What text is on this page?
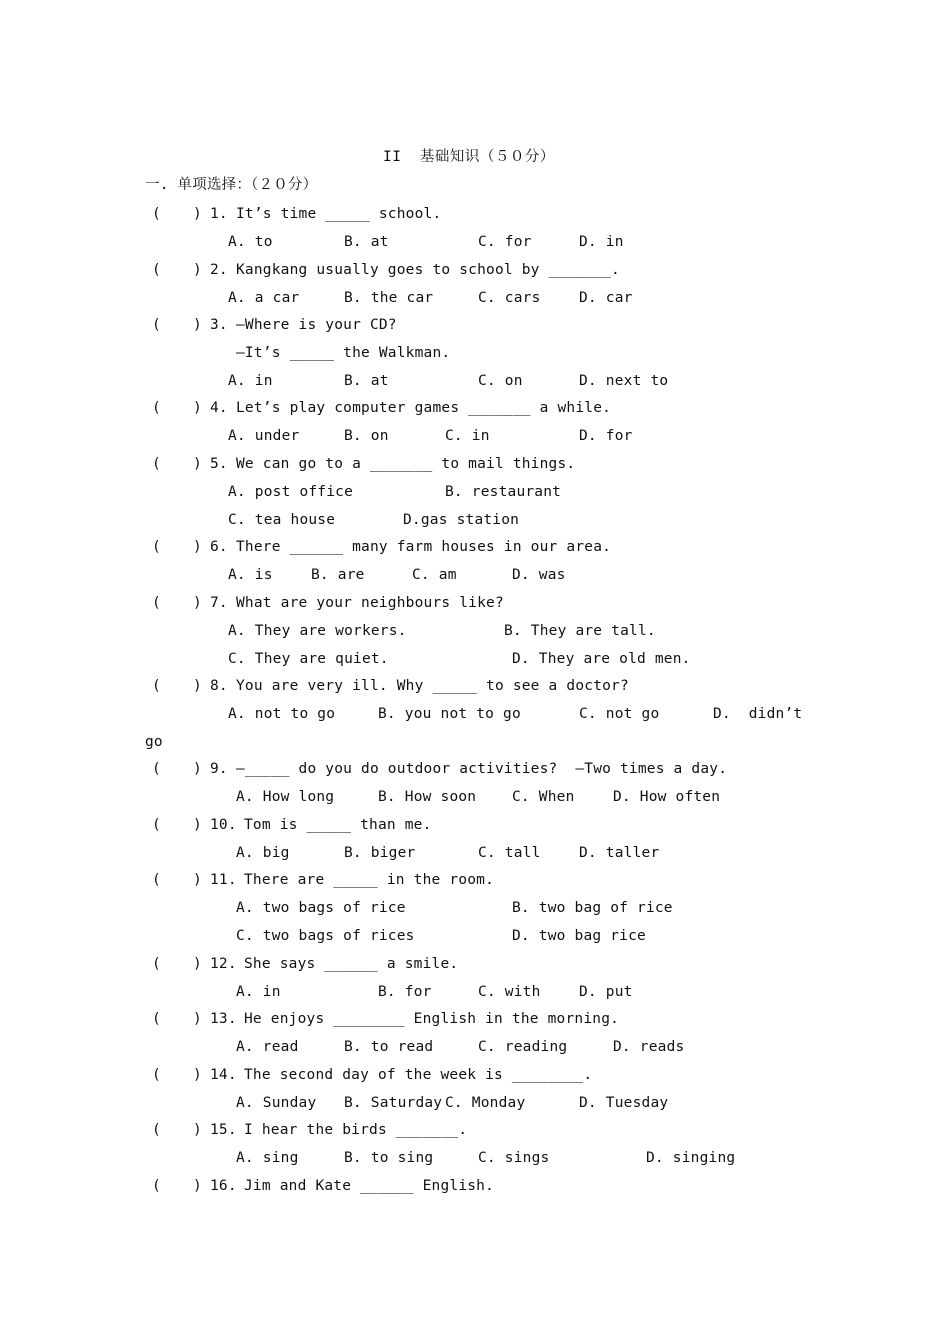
II  基础知识（５０分）
一. 单项选择：（２０分）
( ) 1. It’s time _____ school.
A. to	B. at	C. for	D. in
( ) 2. Kangkang usually goes to school by _______.
A. a car	B. the car	C. cars	D. car
( ) 3. —Where is your CD?
—It’s _____ the Walkman.
A. in	B. at	C. on	D. next to
( ) 4. Let’s play computer games _______ a while.
A. under	B. on	C. in	D. for
( ) 5. We can go to a _______ to mail things.
A. post office	B. restaurant
C. tea house	D.gas station
( ) 6. There ______ many farm houses in our area.
A. is	B. are	C. am	D. was
( ) 7. What are your neighbours like?
A. They are workers.	B. They are tall.
C. They are quiet.	D. They are old men.
( ) 8. You are very ill. Why _____ to see a doctor?
A. not to go	B. you not to go	C. not go	D.  didn’t
go
( ) 9. —_____ do you do outdoor activities?  —Two times a day.
A. How long	B. How soon C. When	D. How often
( ) 10. Tom is _____ than me.
A. big	B. biger	C. tall	D. taller
( ) 11. There are _____ in the room.
A. two bags of rice	B. two bag of rice
C. two bags of rices	D. two bag rice
( ) 12. She says ______ a smile.
A. in	B. for	C. with	D. put
( ) 13. He enjoys ________ English in the morning.
A. read	B. to read	C. reading	D. reads
( ) 14. The second day of the week is ________.
A. Sunday B. Saturday C. Monday	D. Tuesday
( ) 15. I hear the birds _______.
A. sing	B. to sing	C. sings	D. singing
( ) 16. Jim and Kate ______ English.
